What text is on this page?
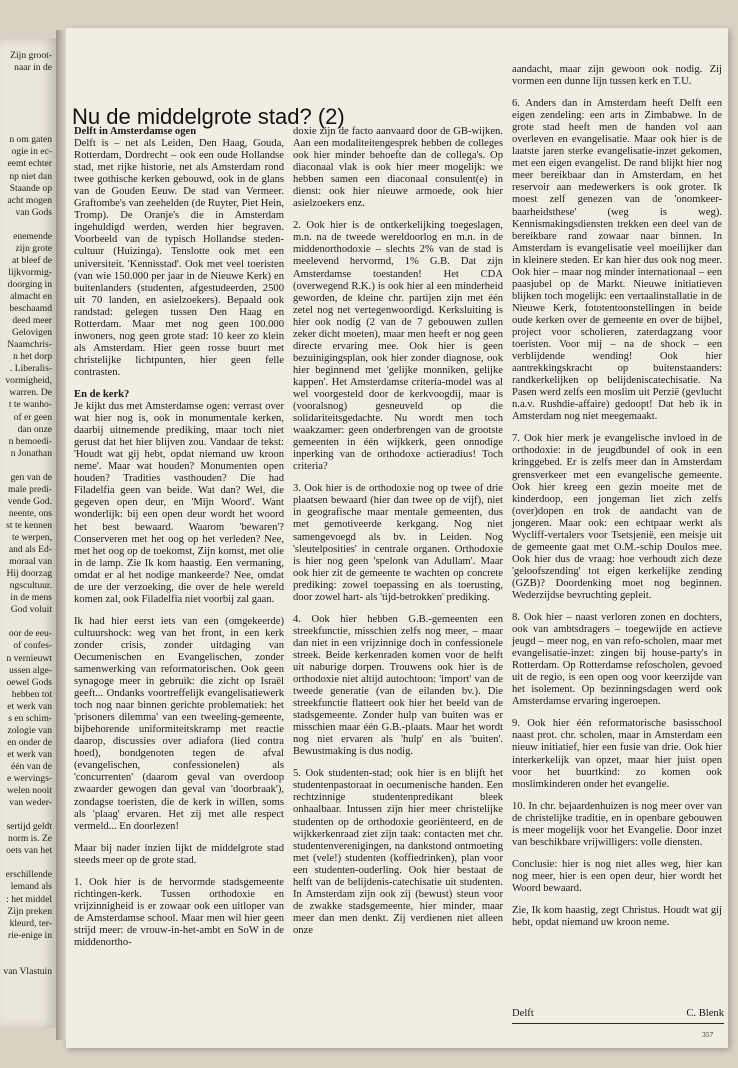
Zijn groot-
naar in de
n om gaten
ogie in ec-
eemt echter
np niet dan
Staande op
acht mogen
van Gods
enemende
zijn grote
at bleef de
lijkvormig-
doorging in
almacht en
beschaamd
deed meer
Gelovigen
Naamchris-
n het dorp
. Liberalis-
vormigheid,
warren. De
t te wanho-
of er geen
dan onze
n bemoedi-
n Jonathan
gen van de
male predi-
vende God.
neente, ons
st te kennen
te werpen,
and als Ed-
moraal van
Hij doorzag
ngscultuur.
in de mens
God voluit
oor de eeu-
of confes-
n vernieuwt
ussen alge-
oewel Gods
hebben tot
et werk van
s en schim-
zologie van
en onder de
et werk van
één van de
e wervings-
welen nooit
van weder-
sertijd geldt
norm is. Ze
oets van het
erschillende
lemand als
: het middel
Zijn preken
kleurd, ter-
rie-enige in
van Vlastuin
Nu de middelgrote stad? (2)
Delft in Amsterdamse ogen

Delft is – net als Leiden, Den Haag, Gouda, Rotterdam, Dordrecht – ook een oude Hollandse stad, met rijke historie, net als Amsterdam rond twee gothische kerken gebouwd, ook in de glans van de Gouden Eeuw. De stad van Vermeer. Graftombe's van zeehelden (de Ruyter, Piet Hein, Tromp). De Oranje's die in Amsterdam ingehuldigd werden, werden hier begraven. Voorbeeld van de typisch Hollandse steden-cultuur (Huizinga). Tenslotte ook met een universiteit. 'Kennisstad'. Ook met veel toeristen (van wie 150.000 per jaar in de Nieuwe Kerk) en buitenlanders (studenten, afgestudeerden, 2500 uit 70 landen, en asielzoekers). Bepaald ook randstad: gelegen tussen Den Haag en Rotterdam. Maar met nog geen 100.000 inwoners, nog geen grote stad: 10 keer zo klein als Amsterdam. Hier geen rosse buurt met christelijke lichtpunten, hier geen felle contrasten.

En de kerk?

Je kijkt dus met Amsterdamse ogen: verrast over wat hier nog is, ook in monumentale kerken, daarbij uitnemende prediking, maar toch niet gerust dat het hier blijven zou. Vandaar de tekst: 'Houdt wat gij hebt, opdat niemand uw kroon neme'. Maar wat houden? Monumenten open houden? Tradities vasthouden? Die had Filadelfia geen van beide. Wat dan? Wel, die gegeven open deur, en 'Mijn Woord'. Want wonderlijk: bij een open deur wordt het woord het best bewaard. Waarom 'bewaren'? Conserveren met het oog op het verleden? Nee, met het oog op de toekomst, Zijn komst, met olie in de lamp. Zie Ik kom haastig. Een vermaning, omdat er al het nodige mankeerde? Nee, omdat de ure der verzoeking, die over de hele wereld komen zal, ook Filadelfia niet voorbij zal gaan.

Ik had hier eerst iets van een (omgekeerde) cultuurshock: weg van het front, in een kerk zonder crisis, zonder uitdaging van Oecumenischen en Evangelischen, zonder samenwerking van reformatorischen. Ook geen synagoge meer in gebruik: die zicht op Israël geeft... Ondanks voortreffelijk evangelisatiewerk toch nog naar binnen gerichte problematiek: het 'prisoners dilemma' van een tweeling-gemeente, bijbehorende uniformiteitskramp met reactie daarop, discussies over adiafora (lied contra hoed), bondgenoten tegen de afval (evangelischen, confessionelen) als 'concurrenten' (daarom geval van overdoop zwaarder gewogen dan geval van 'doorbraak'), zondagse toeristen, die de kerk in willen, soms als 'plaag' ervaren. Het zij met alle respect vermeld... En doorlezen!

Maar bij nader inzien lijkt de middelgrote stad steeds meer op de grote stad.

1. Ook hier is de hervormde stadsgemeente richtingen-kerk. Tussen orthodoxie en vrijzinnigheid is er zowaar ook een uitloper van de Amsterdamse school. Maar men wil hier geen strijd meer: de vrouw-in-het-ambt en SoW in de middenortho-

doxie zijn de facto aanvaard door de GB-wijken. Aan een modaliteitengesprek hebben de colleges ook hier minder behoefte dan de collega's. Op diaconaal vlak is ook hier meer mogelijk: we hebben samen een diaconaal consulent(e) in dienst: ook hier nieuwe armoede, ook hier asielzoekers enz.

2. Ook hier is de ontkerkelijking toegeslagen, m.n. na de tweede wereldoorlog en m.n. in de middenorthodoxie – slechts 2% van de stad is meelevend hervormd, 1% G.B. Dat zijn Amsterdamse toestanden! Het CDA (overwegend R.K.) is ook hier al een minderheid geworden, de kleine chr. partijen zijn met één zetel nog net vertegenwoordigd. Kerksluiting is hier ook nodig (2 van de 7 gebouwen zullen zeker dicht moeten), maar men heeft er nog geen directe ervaring mee. Ook hier is geen bezuinigingsplan, ook hier zonder diagnose, ook hier beginnend met 'gelijke monniken, gelijke kappen'. Het Amsterdamse criteria-model was al wel voorgesteld door de kerkvoogdij, maar is (vooralsnog) gesneuveld op die solidariteitsgedachte. Nu wordt men toch waakzamer: geen onderbrengen van de grootste gemeenten in één wijkkerk, geen onnodige inperking van de orthodoxe actieradius! Toch criteria?

3. Ook hier is de orthodoxie nog op twee of drie plaatsen bewaard (hier dan twee op de vijf), niet in geografische maar mentale gemeenten, dus met gemotiveerde kerkgang. Nog niet samengevoegd als bv. in Leiden. Nog 'sleutelposities' in centrale organen. Orthodoxie is hier nog geen 'spelonk van Adullam'. Maar ook hier zit de gemeente te wachten op concrete prediking: zowel toepassing en als toerusting, door zowel hart- als 'tijd-betrokken' prediking.

4. Ook hier hebben G.B.-gemeenten een streekfunctie, misschien zelfs nog meer, – maar dan niet in een vrijzinnige doch in confessionele streek. Beide kerkenraden komen voor de helft uit naburige dorpen. Trouwens ook hier is de orthodoxie niet altijd autochtoon: 'import' van de tweede generatie (van de eilanden bv.). Die streekfunctie flatteert ook hier het beeld van de stadsgemeente. Zonder hulp van buiten was er misschien maar één G.B.-plaats. Maar het wordt nog niet ervaren als 'hulp' en als 'buiten'. Bewustmaking is dus nodig.

5. Ook studenten-stad; ook hier is en blijft het studentenpastoraat in oecumenische handen. Een rechtzinnige studentenpredikant bleek onhaalbaar. Intussen zijn hier meer christelijke studenten op de orthodoxie georiënteerd, en de wijkkerkenraad ziet zijn taak: contacten met chr. studentenverenigingen, na dankstond ontmoeting met (vele!) studenten (koffiedrinken), plan voor een studenten-ouderling. Ook hier bestaat de helft van de belijdenis-catechisatie uit studenten. In Amsterdam zijn ook zij (bewust) steun voor de zwakke stadsgemeente, hier minder, maar meer dan men denkt. Zij verdienen niet alleen onze

aandacht, maar zijn gewoon ook nodig. Zij vormen een dunne lijn tussen kerk en T.U.

6. Anders dan in Amsterdam heeft Delft een eigen zendeling: een arts in Zimbabwe. In de grote stad heeft men de handen vol aan overleven en evangelisatie. Maar ook hier is de laatste jaren sterke evangelisatie-inzet gekomen, met een eigen evangelist. De rand blijkt hier nog meer bereikbaar dan in Amsterdam, en het reservoir aan medewerkers is ook groter. Ik moest zelf genezen van de 'onomkeer-baarheidsthese' (weg is weg). Kennismakingsdiensten trekken een deel van de bereikbare rand zowaar naar binnen. In Amsterdam is evangelisatie veel moeilijker dan in kleinere steden. Er kan hier dus ook nog meer. Ook hier – maar nog minder internationaal – een paasjubel op de Markt. Nieuwe initiatieven blijken toch mogelijk: een vertaalinstallatie in de Nieuwe Kerk, fototentoonstellingen in beide oude kerken over de gemeente en over de bijbel, project voor scholieren, zaterdagzang voor toeristen. Voor mij – na de shock – een verblijdende wending! Ook hier aantrekkingskracht op buitenstaanders: randkerkelijken op belijdeniscatechisatie. Na Pasen werd zelfs een moslim uit Perzië (gevlucht n.a.v. Rushdie-affaire) gedoopt! Dat heb ik in Amsterdam nog niet meegemaakt.

7. Ook hier merk je evangelische invloed in de orthodoxie: in de jeugdbundel of ook in een kringgebed. Er is zelfs meer dan in Amsterdam grensverkeer met een evangelische gemeente. Ook hier kreeg een gezin moeite met de kinderdoop, een jongeman liet zich zelfs (over)dopen en trok de aandacht van de jongeren. Maar ook: een echtpaar werkt als Wycliff-vertalers voor Tsetsjenië, een meisje uit de gemeente gaat met O.M.-schip Doulos mee. Ook hier dus de vraag: hoe verhoudt zich deze 'geloofszending' tot eigen kerkelijke zending (GZB)? Doordenking moet nog beginnen. Wederzijdse bevruchting gepleit.

8. Ook hier – naast verloren zonen en dochters, ook van ambtsdragers – toegewijde en actieve jeugd – meer nog, en van refo-scholen, maar met evangelisatie-inzet: zingen bij house-party's in Rotterdam. Op Rotterdamse refoscholen, gevoed uit de regio, is een open oog voor keerzijde van het isolement. Op bezinningsdagen werd ook Amsterdamse ervaring ingeroepen.

9. Ook hier één reformatorische basisschool naast prot. chr. scholen, maar in Amsterdam een nieuw initiatief, hier een fusie van drie. Ook hier interkerkelijk van opzet, maar hier juist open voor het buurtkind: zo komen ook moslimkinderen onder het evangelie.

10. In chr. bejaardenhuizen is nog meer over van de christelijke traditie, en in openbare gebouwen is meer mogelijk voor het Evangelie. Door inzet van beschikbare vrijwilligers: volle diensten.

Conclusie: hier is nog niet alles weg, hier kan nog meer, hier is een open deur, hier wordt het Woord bewaard.

Zie, Ik kom haastig, zegt Christus. Houdt wat gij hebt, opdat niemand uw kroon neme.

Delft	C. Blenk
357
